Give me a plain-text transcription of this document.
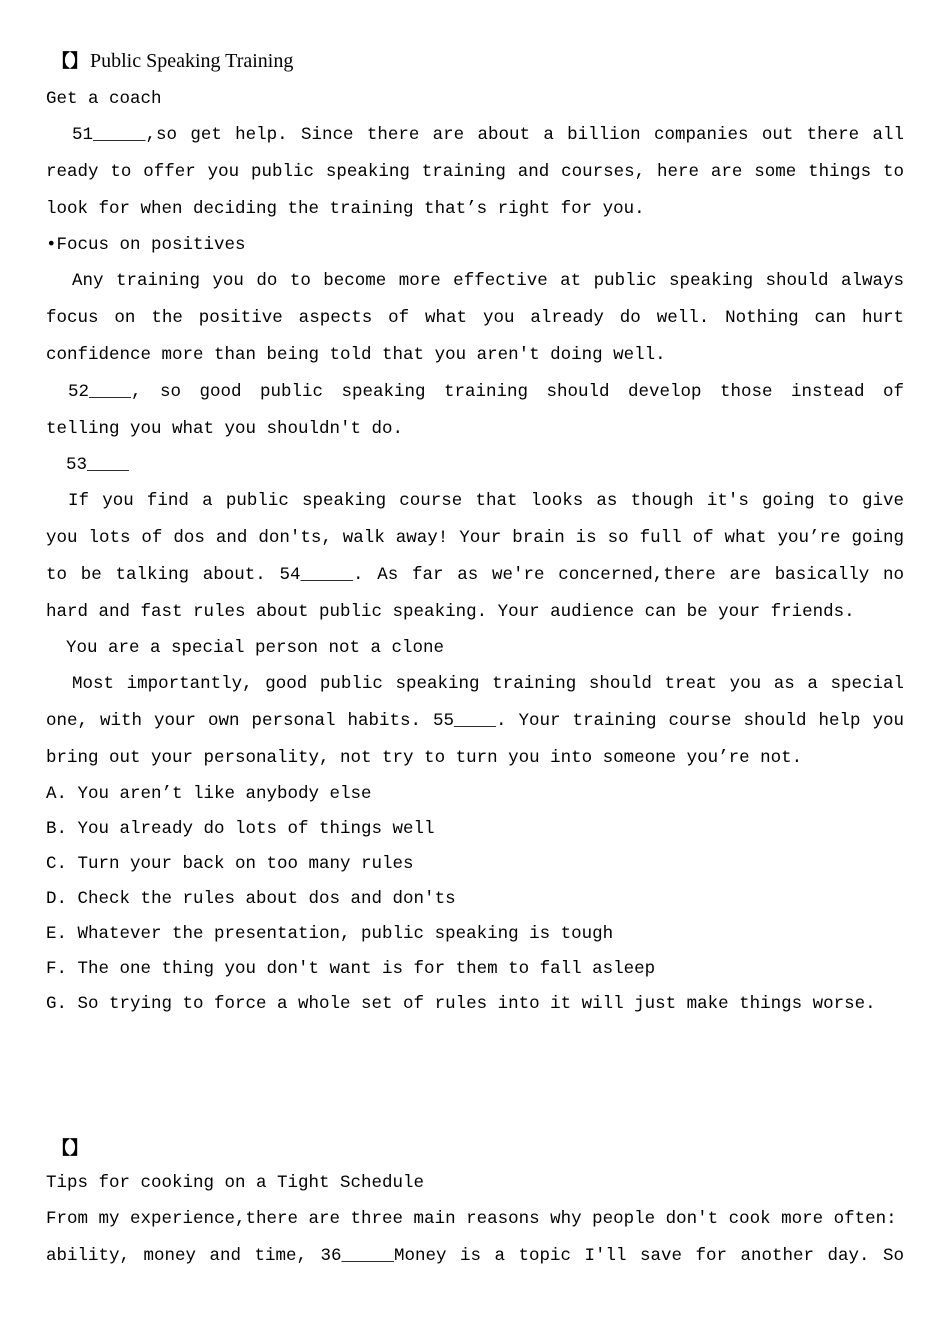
【】 Public Speaking Training
Get a coach
51_____,so get help. Since there are about a billion companies out there all ready to offer you public speaking training and courses, here are some things to look for when deciding the training that’s right for you.
•Focus on positives
Any training you do to become more effective at public speaking should always focus on the positive aspects of what you already do well. Nothing can hurt confidence more than being told that you aren't doing well.
52____, so good public speaking training should develop those instead of telling you what you shouldn't do.
53____
If you find a public speaking course that looks as though it's going to give you lots of dos and don'ts, walk away! Your brain is so full of what you’re going to be talking about. 54_____. As far as we're concerned,there are basically no hard and fast rules about public speaking. Your audience can be your friends.
You are a special person not a clone
Most importantly, good public speaking training should treat you as a special one, with your own personal habits. 55____. Your training course should help you bring out your personality, not try to turn you into someone you’re not.
A. You aren’t like anybody else
B. You already do lots of things well
C. Turn your back on too many rules
D. Check the rules about dos and don'ts
E. Whatever the presentation, public speaking is tough
F. The one thing you don't want is for them to fall asleep
G. So trying to force a whole set of rules into it will just make things worse.
【】
Tips for cooking on a Tight Schedule
From my experience,there are three main reasons why people don't cook more often:
ability, money and time, 36_____Money is a topic I'll save for another day. So
